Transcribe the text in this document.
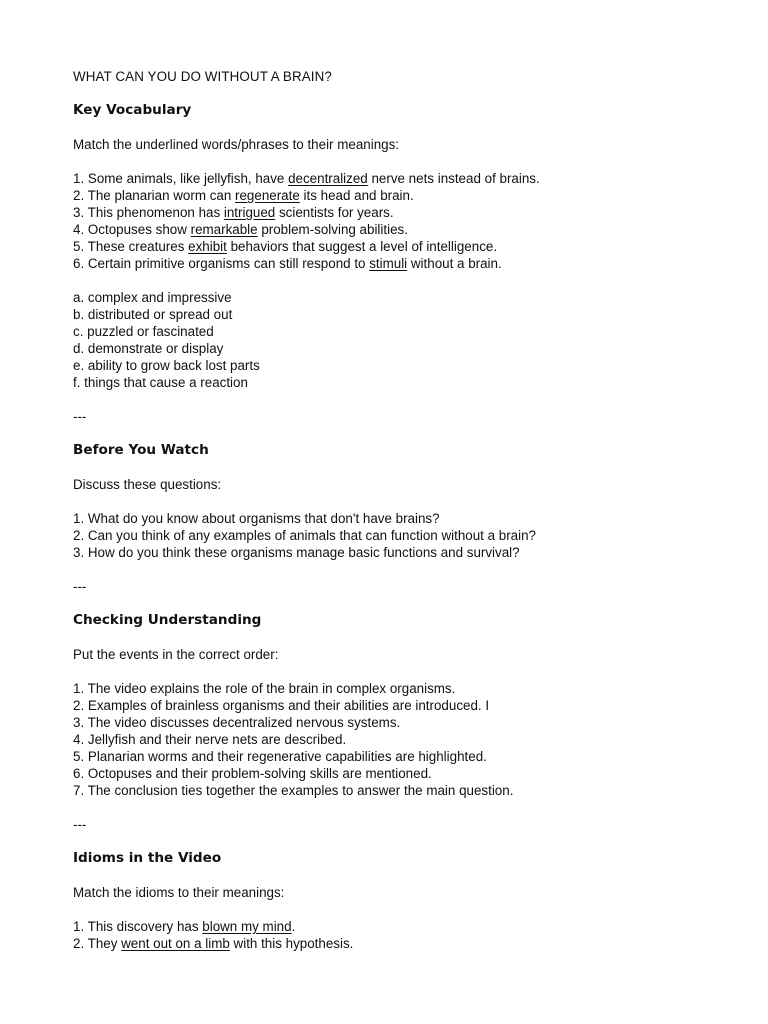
WHAT CAN YOU DO WITHOUT A BRAIN?
Key Vocabulary
Match the underlined words/phrases to their meanings:
1. Some animals, like jellyfish, have decentralized nerve nets instead of brains.
2. The planarian worm can regenerate its head and brain.
3. This phenomenon has intrigued scientists for years.
4. Octopuses show remarkable problem-solving abilities.
5. These creatures exhibit behaviors that suggest a level of intelligence.
6. Certain primitive organisms can still respond to stimuli without a brain.
a. complex and impressive
b. distributed or spread out
c. puzzled or fascinated
d. demonstrate or display
e. ability to grow back lost parts
f. things that cause a reaction
---
Before You Watch
Discuss these questions:
1. What do you know about organisms that don't have brains?
2. Can you think of any examples of animals that can function without a brain?
3. How do you think these organisms manage basic functions and survival?
---
Checking Understanding
Put the events in the correct order:
1. The video explains the role of the brain in complex organisms.
2. Examples of brainless organisms and their abilities are introduced. I
3. The video discusses decentralized nervous systems.
4. Jellyfish and their nerve nets are described.
5. Planarian worms and their regenerative capabilities are highlighted.
6. Octopuses and their problem-solving skills are mentioned.
7. The conclusion ties together the examples to answer the main question.
---
Idioms in the Video
Match the idioms to their meanings:
1. This discovery has blown my mind.
2. They went out on a limb with this hypothesis.
